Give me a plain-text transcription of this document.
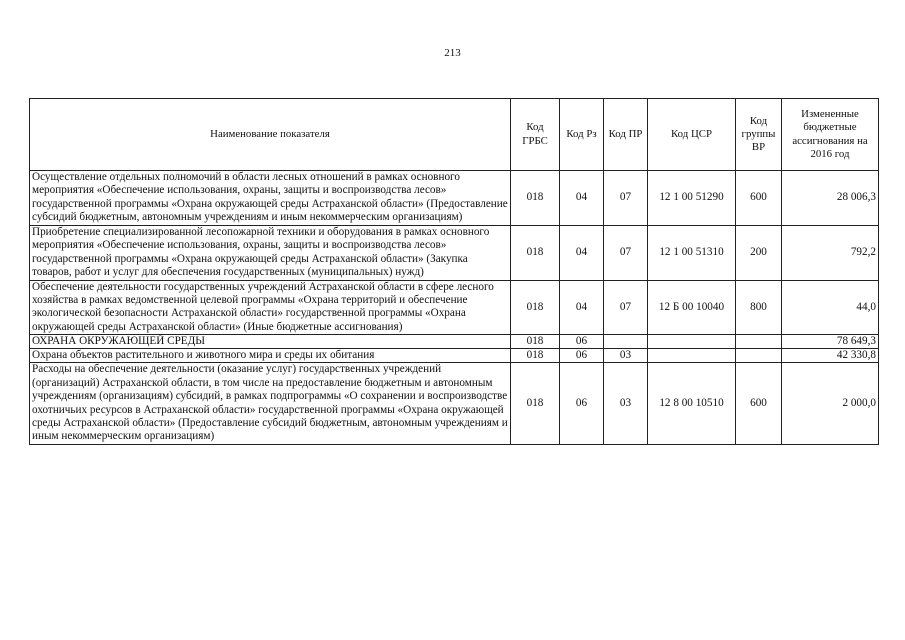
213
Наименование показателя	Код ГРБС	Код Рз	Код ПР	Код ЦСР	Код группы ВР	Измененные бюджетные ассигнования на 2016 год
Осуществление отдельных полномочий в области лесных отношений в рамках основного мероприятия «Обеспечение использования, охраны, защиты и воспроизводства лесов» государственной программы «Охрана окружающей среды Астраханской области» (Предоставление субсидий бюджетным, автономным учреждениям и иным некоммерческим организациям)	018	04	07	12 1 00 51290	600	28 006,3
Приобретение специализированной лесопожарной техники и оборудования в рамках основного мероприятия «Обеспечение использования, охраны, защиты и воспроизводства лесов» государственной программы «Охрана окружающей среды Астраханской области» (Закупка товаров, работ и услуг для обеспечения государственных (муниципальных) нужд)	018	04	07	12 1 00 51310	200	792,2
Обеспечение деятельности государственных учреждений Астраханской области в сфере лесного хозяйства в рамках ведомственной целевой программы «Охрана территорий и обеспечение экологической безопасности Астраханской области» государственной программы «Охрана окружающей среды Астраханской области» (Иные бюджетные ассигнования)	018	04	07	12 Б 00 10040	800	44,0
ОХРАНА ОКРУЖАЮЩЕЙ СРЕДЫ	018	06				78 649,3
Охрана объектов растительного и животного мира и среды их обитания	018	06	03			42 330,8
Расходы на обеспечение деятельности (оказание услуг) государственных учреждений (организаций) Астраханской области, в том числе на предоставление бюджетным и автономным учреждениям (организациям) субсидий, в рамках подпрограммы «О сохранении и воспроизводстве охотничьих ресурсов в Астраханской области» государственной программы «Охрана окружающей среды Астраханской области» (Предоставление субсидий бюджетным, автономным учреждениям и иным некоммерческим организациям)	018	06	03	12 8 00 10510	600	2 000,0
